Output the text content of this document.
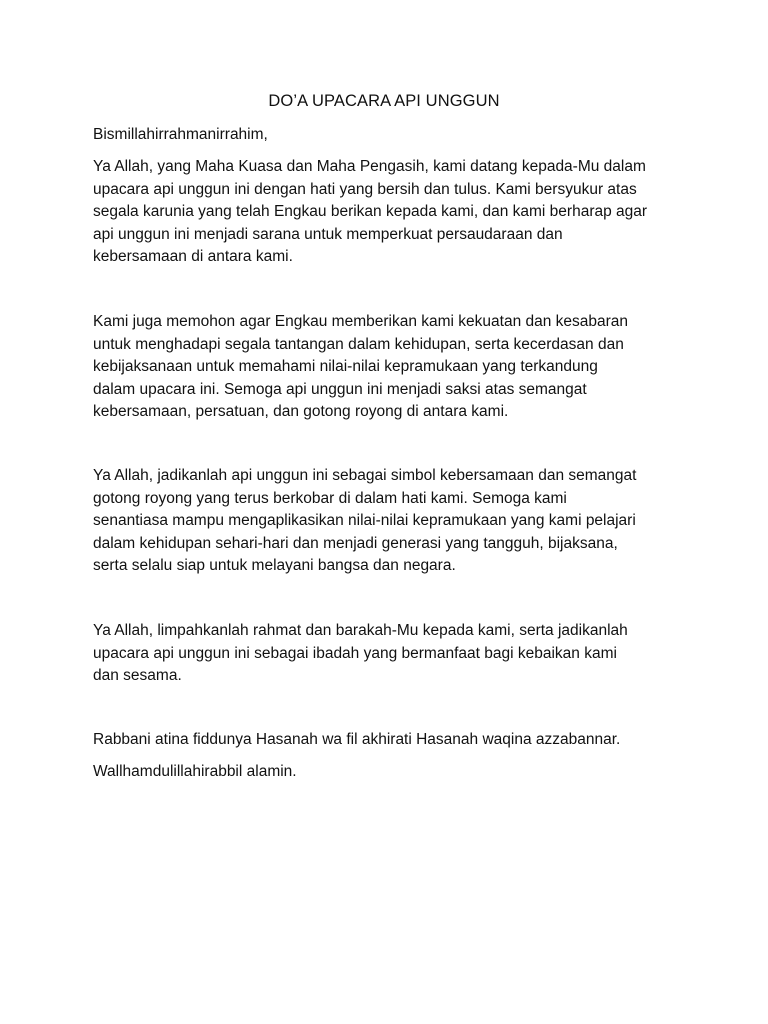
DO’A UPACARA API UNGGUN

Bismillahirrahmanirrahim,

Ya Allah, yang Maha Kuasa dan Maha Pengasih, kami datang kepada-Mu dalam
upacara api unggun ini dengan hati yang bersih dan tulus. Kami bersyukur atas
segala karunia yang telah Engkau berikan kepada kami, dan kami berharap agar
api unggun ini menjadi sarana untuk memperkuat persaudaraan dan
kebersamaan di antara kami.

Kami juga memohon agar Engkau memberikan kami kekuatan dan kesabaran
untuk menghadapi segala tantangan dalam kehidupan, serta kecerdasan dan
kebijaksanaan untuk memahami nilai-nilai kepramukaan yang terkandung
dalam upacara ini. Semoga api unggun ini menjadi saksi atas semangat
kebersamaan, persatuan, dan gotong royong di antara kami.

Ya Allah, jadikanlah api unggun ini sebagai simbol kebersamaan dan semangat
gotong royong yang terus berkobar di dalam hati kami. Semoga kami
senantiasa mampu mengaplikasikan nilai-nilai kepramukaan yang kami pelajari
dalam kehidupan sehari-hari dan menjadi generasi yang tangguh, bijaksana,
serta selalu siap untuk melayani bangsa dan negara.

Ya Allah, limpahkanlah rahmat dan barakah-Mu kepada kami, serta jadikanlah
upacara api unggun ini sebagai ibadah yang bermanfaat bagi kebaikan kami
dan sesama.

Rabbani atina fiddunya Hasanah wa fil akhirati Hasanah waqina azzabannar.

Wallhamdulillahirabbil alamin.
